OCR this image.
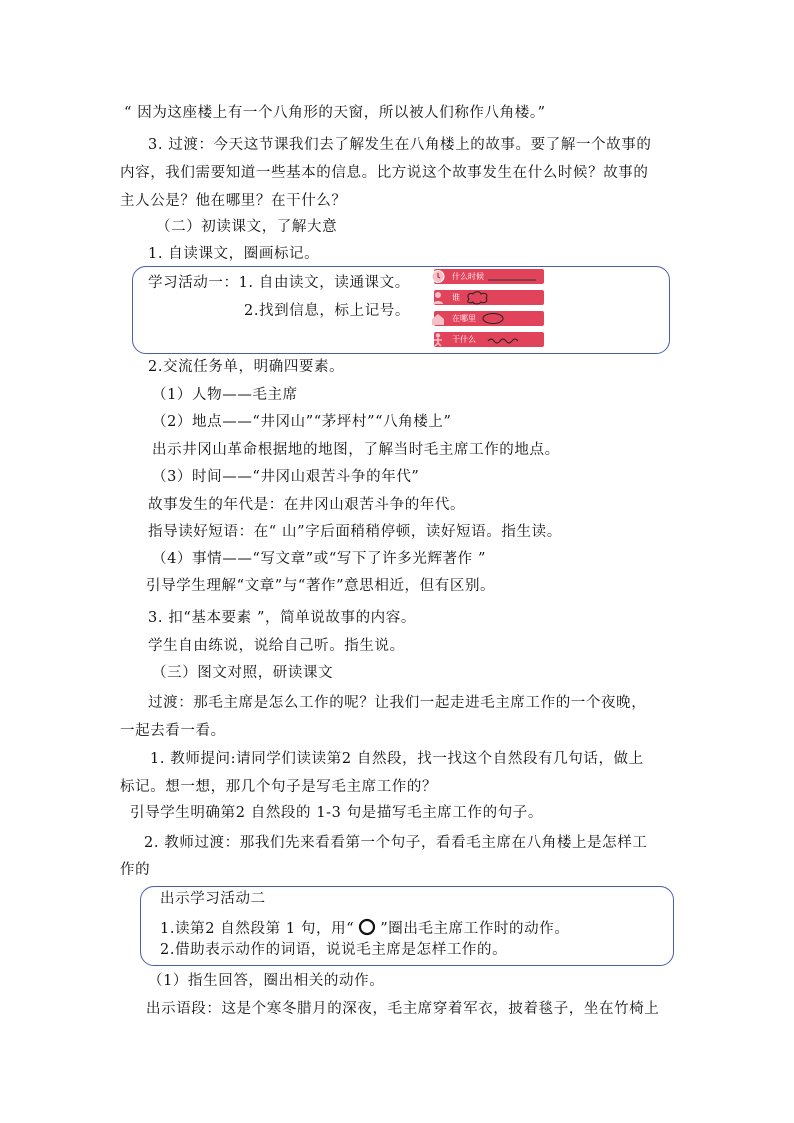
“ 因为这座楼上有一个八角形的天窗，所以被人们称作八角楼。”
3. 过渡：今天这节课我们去了解发生在八角楼上的故事。要了解一个故事的
内容，我们需要知道一些基本的信息。比方说这个故事发生在什么时候？故事的
主人公是？他在哪里？在干什么？
（二）初读课文，了解大意
1. 自读课文，圈画标记。
学习活动一：1. 自由读文，读通课文。
2.找到信息，标上记号。
什么时候
谁
在哪里
干什么
2.交流任务单，明确四要素。
（1）人物——毛主席
（2）地点——“井冈山”“茅坪村”“八角楼上”
出示井冈山革命根据地的地图，了解当时毛主席工作的地点。
（3）时间——“井冈山艰苦斗争的年代”
故事发生的年代是：在井冈山艰苦斗争的年代。
指导读好短语：在“ 山”字后面稍稍停顿，读好短语。指生读。
（4）事情——“写文章”或“写下了许多光辉著作 ”
引导学生理解“文章”与“著作”意思相近，但有区别。
3. 扣“基本要素 ”，简单说故事的内容。
学生自由练说，说给自己听。指生说。
（三）图文对照，研读课文
过渡：那毛主席是怎么工作的呢？让我们一起走进毛主席工作的一个夜晚，
一起去看一看。
1. 教师提问:请同学们读读第2 自然段，找一找这个自然段有几句话，做上
标记。想一想，那几个句子是写毛主席工作的？
引导学生明确第2 自然段的 1-3 句是描写毛主席工作的句子。
2. 教师过渡：那我们先来看看第一个句子，看看毛主席在八角楼上是怎样工
作的
出示学习活动二
1.读第2 自然段第 1 句，用“ ”圈出毛主席工作时的动作。
2.借助表示动作的词语，说说毛主席是怎样工作的。
（1）指生回答，圈出相关的动作。
出示语段：这是个寒冬腊月的深夜，毛主席穿着军衣，披着毯子，坐在竹椅上
